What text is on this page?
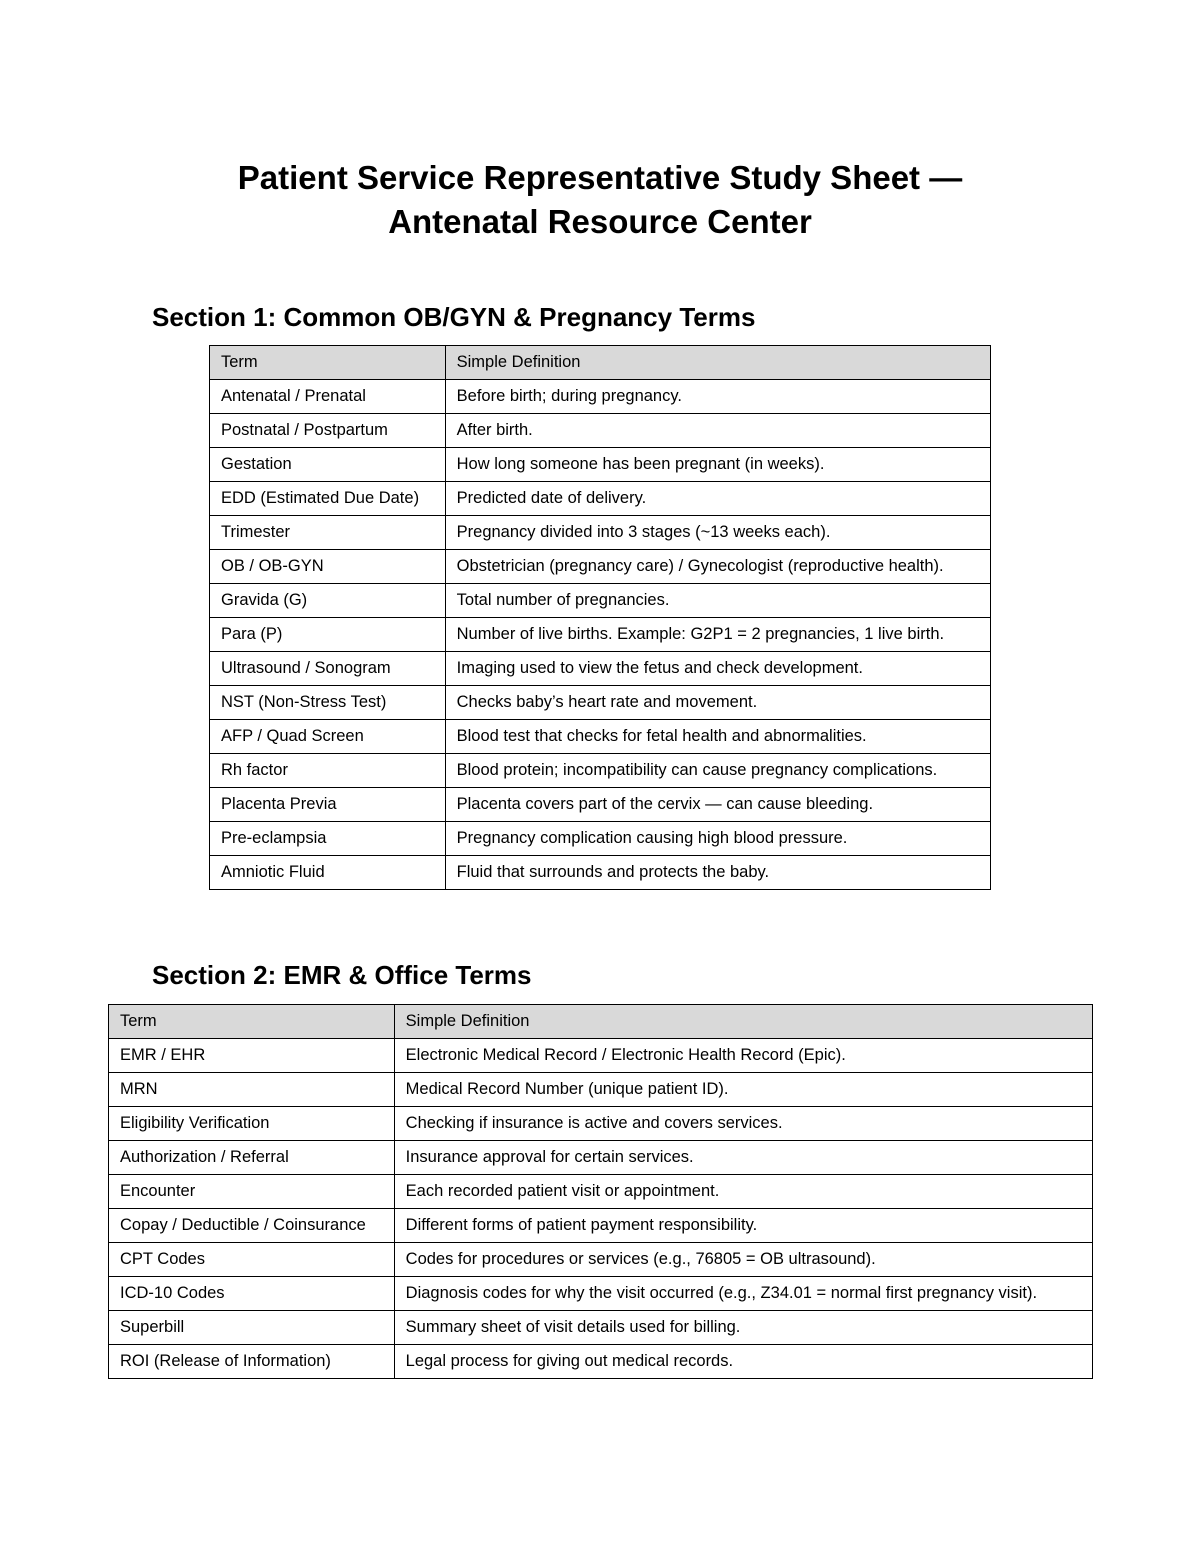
Patient Service Representative Study Sheet —
Antenatal Resource Center
Section 1: Common OB/GYN & Pregnancy Terms
Term	Simple Definition
Antenatal / Prenatal	Before birth; during pregnancy.
Postnatal / Postpartum	After birth.
Gestation	How long someone has been pregnant (in weeks).
EDD (Estimated Due Date)	Predicted date of delivery.
Trimester	Pregnancy divided into 3 stages (~13 weeks each).
OB / OB-GYN	Obstetrician (pregnancy care) / Gynecologist (reproductive health).
Gravida (G)	Total number of pregnancies.
Para (P)	Number of live births. Example: G2P1 = 2 pregnancies, 1 live birth.
Ultrasound / Sonogram	Imaging used to view the fetus and check development.
NST (Non-Stress Test)	Checks baby’s heart rate and movement.
AFP / Quad Screen	Blood test that checks for fetal health and abnormalities.
Rh factor	Blood protein; incompatibility can cause pregnancy complications.
Placenta Previa	Placenta covers part of the cervix — can cause bleeding.
Pre-eclampsia	Pregnancy complication causing high blood pressure.
Amniotic Fluid	Fluid that surrounds and protects the baby.
Section 2: EMR & Office Terms
Term	Simple Definition
EMR / EHR	Electronic Medical Record / Electronic Health Record (Epic).
MRN	Medical Record Number (unique patient ID).
Eligibility Verification	Checking if insurance is active and covers services.
Authorization / Referral	Insurance approval for certain services.
Encounter	Each recorded patient visit or appointment.
Copay / Deductible / Coinsurance	Different forms of patient payment responsibility.
CPT Codes	Codes for procedures or services (e.g., 76805 = OB ultrasound).
ICD-10 Codes	Diagnosis codes for why the visit occurred (e.g., Z34.01 = normal first pregnancy visit).
Superbill	Summary sheet of visit details used for billing.
ROI (Release of Information)	Legal process for giving out medical records.
